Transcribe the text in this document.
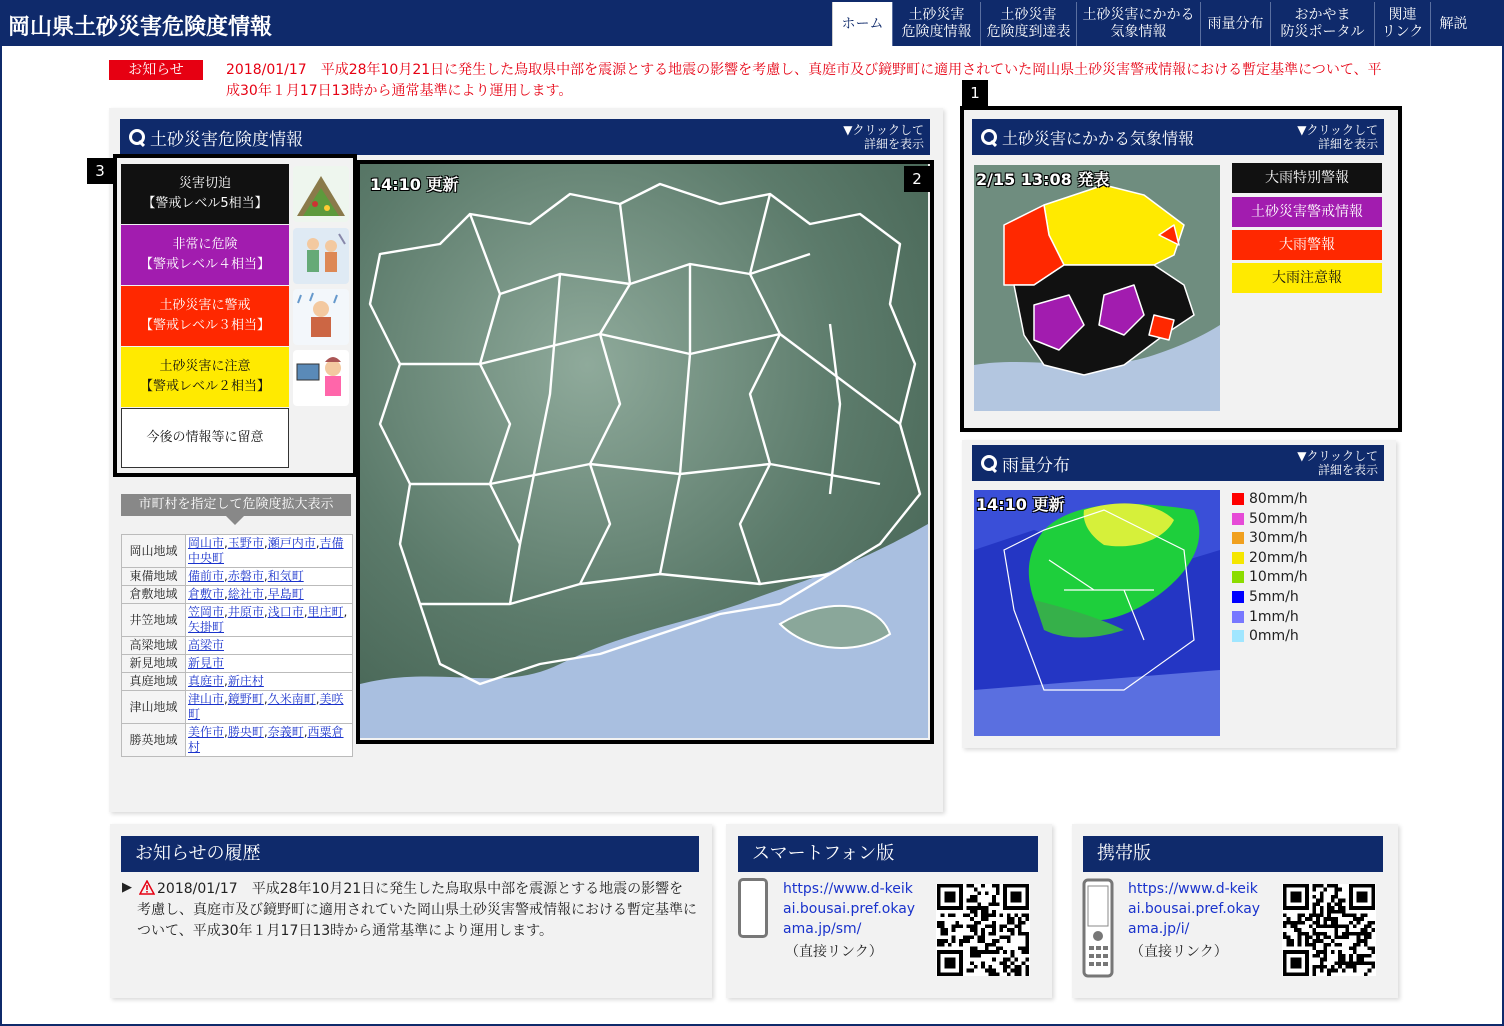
岡山県土砂災害危険度情報	ホーム
土砂災害
危険度情報
土砂災害
危険度到達表
土砂災害にかかる
気象情報
雨量分布
おかやま
防災ポータル
関連
リンク
解説
お知らせ	2018/01/17　平成28年10月21日に発生した鳥取県中部を震源とする地震の影響を考慮し、真庭市及び鏡野町に適用されていた岡山県土砂災害警戒情報における暫定基準について、平成30年１月17日13時から通常基準により運用します。
土砂災害危険度情報	▼クリックして
詳細を表示
災害切迫
【警戒レベル5相当】
非常に危険
【警戒レベル４相当】
土砂災害に警戒
【警戒レベル３相当】
土砂災害に注意
【警戒レベル２相当】
今後の情報等に留意
3
14:10 更新	2
市町村を指定して危険度拡大表示
岡山地域	岡山市,玉野市,瀬戸内市,吉備中央町
東備地域	備前市,赤磐市,和気町
倉敷地域	倉敷市,総社市,早島町
井笠地域	笠岡市,井原市,浅口市,里庄町,矢掛町
高梁地域	高梁市
新見地域	新見市
真庭地域	真庭市,新庄村
津山地域	津山市,鏡野町,久米南町,美咲町
勝英地域	美作市,勝央町,奈義町,西粟倉村
土砂災害にかかる気象情報	▼クリックして
詳細を表示
2/15 13:08 発表	大雨特別警報
土砂災害警戒情報
大雨警報
大雨注意報
1
雨量分布	▼クリックして
詳細を表示
14:10 更新	80mm/h
50mm/h
30mm/h
20mm/h
10mm/h
5mm/h
1mm/h
0mm/h
お知らせの履歴
▶	2018/01/17　平成28年10月21日に発生した鳥取県中部を震源とする地震の影響を考慮し、真庭市及び鏡野町に適用されていた岡山県土砂災害警戒情報における暫定基準について、平成30年１月17日13時から通常基準により運用します。
スマートフォン版
https://www.d-keik
ai.bousai.pref.okay
ama.jp/sm/
（直接リンク）
携帯版
https://www.d-keik
ai.bousai.pref.okay
ama.jp/i/
（直接リンク）
